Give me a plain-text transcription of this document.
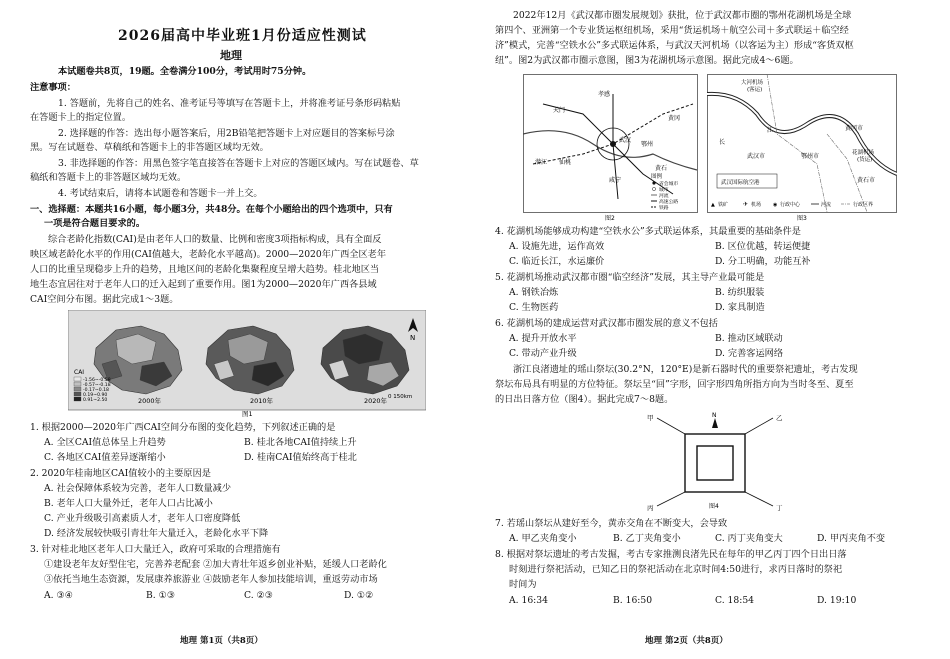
2026届高中毕业班1月份适应性测试
地理
本试题卷共8页，19题。全卷满分100分，考试用时75分钟。
注意事项：
1. 答题前，先将自己的姓名、准考证号等填写在答题卡上，并将准考证号条形码粘贴
在答题卡上的指定位置。
2. 选择题的作答：选出每小题答案后，用2B铅笔把答题卡上对应题目的答案标号涂
黑。写在试题卷、草稿纸和答题卡上的非答题区域均无效。
3. 非选择题的作答：用黑色签字笔直接答在答题卡上对应的答题区域内。写在试题卷、草
稿纸和答题卡上的非答题区域均无效。
4. 考试结束后，请将本试题卷和答题卡一并上交。
一、选择题：本题共16小题，每小题3分，共48分。在每个小题给出的四个选项中，只有
一项是符合题目要求的。
综合老龄化指数(CAI)是由老年人口的数量、比例和密度3项指标构成，具有全面反
映区域老龄化水平的作用(CAI值越大，老龄化水平越高)。2000—2020年广西全区老年
人口的比重呈现稳步上升的趋势，且地区间的老龄化集聚程度呈增大趋势。桂北地区当
地生态宜居往对于老年人口的迁入起到了重要作用。图1为2000—2020年广西各县域
CAI空间分布图。据此完成1～3题。
N
CAI
-1.56~-0.58
-0.57~-0.18
-0.17~0.18
0.19~0.90
0.91~2.50	2000年	2010年	2020年 0 150km
图1
1. 根据2000—2020年广西CAI空间分布图的变化趋势，下列叙述正确的是
A. 全区CAI值总体呈上升趋势	B. 桂北各地CAI值持续上升
C. 各地区CAI值差异逐渐缩小	D. 桂南CAI值始终高于桂北
2. 2020年桂南地区CAI值较小的主要原因是
A. 社会保障体系较为完善，老年人口数量减少
B. 老年人口大量外迁，老年人口占比减小
C. 产业升级吸引高素质人才，老年人口密度降低
D. 经济发展较快吸引青壮年大量迁入，老龄化水平下降
3. 针对桂北地区老年人口大量迁入，政府可采取的合理措施有
①建设老年友好型住宅，完善养老配套 ②加大青壮年返乡创业补贴，延缓人口老龄化
③依托当地生态资源，发展康养旅游业 ④鼓励老年人参加技能培训，重返劳动市场
A. ③④	B. ①③	C. ②③	D. ①②
地理 第1页（共8页）
2022年12月《武汉都市圈发展规划》获批，位于武汉都市圈的鄂州花湖机场是全球
第四个、亚洲第一个专业货运枢纽机场，采用“货运机场＋航空公司＋多式联运＋临空经
济”模式，完善“空铁水公”多式联运体系，与武汉天河机场（以客运为主）形成“客货双枢
纽”。图2为武汉都市圈示意图，图3为花湖机场示意图。据此完成4～6题。
孝感
天门
武汉
潜江 仙桃
鄂州
黄冈
黄石
咸宁	图例
省会城市
城市
河流
高速公路
铁路
图2
大河机场
(客运)
江
长
武汉市	鄂州市
黄冈市
花湖机场
(货运)
黄石市
武汉国际航空港
▲ 铁矿 ✈ 机场 ◉ 行政中心	河流	行政区界
图3
4. 花湖机场能够成功构建“空铁水公”多式联运体系，其最重要的基础条件是
A. 设施先进，运作高效	B. 区位优越，转运便捷
C. 临近长江，水运廉价	D. 分工明确，功能互补
5. 花湖机场推动武汉都市圈“临空经济”发展，其主导产业最可能是
A. 钢铁冶炼	B. 纺织服装
C. 生物医药	D. 家具制造
6. 花湖机场的建成运营对武汉都市圈发展的意义不包括
A. 提升开放水平	B. 推动区域联动
C. 带动产业升级	D. 完善客运网络
浙江良渚遗址的瑶山祭坛(30.2°N，120°E)是新石器时代的重要祭祀遗址，考古发现
祭坛布局具有明显的方位特征。祭坛呈“回”字形，回字形四角所指方向为当时冬至、夏至
的日出日落方位（图4）。据此完成7～8题。
N
甲	乙
丙	丁
图4
7. 若瑶山祭坛从建好至今，黄赤交角在不断变大，会导致
A. 甲乙夹角变小	B. 乙丁夹角变小	C. 丙丁夹角变大	D. 甲丙夹角不变
8. 根据对祭坛遗址的考古发掘，考古专家推测良渚先民在每年的甲乙丙丁四个日出日落
时刻进行祭祀活动，已知乙日的祭祀活动在北京时间4:50进行，求丙日落时的祭祀
时间为
A. 16:34	B. 16:50	C. 18:54	D. 19:10
地理 第2页（共8页）
